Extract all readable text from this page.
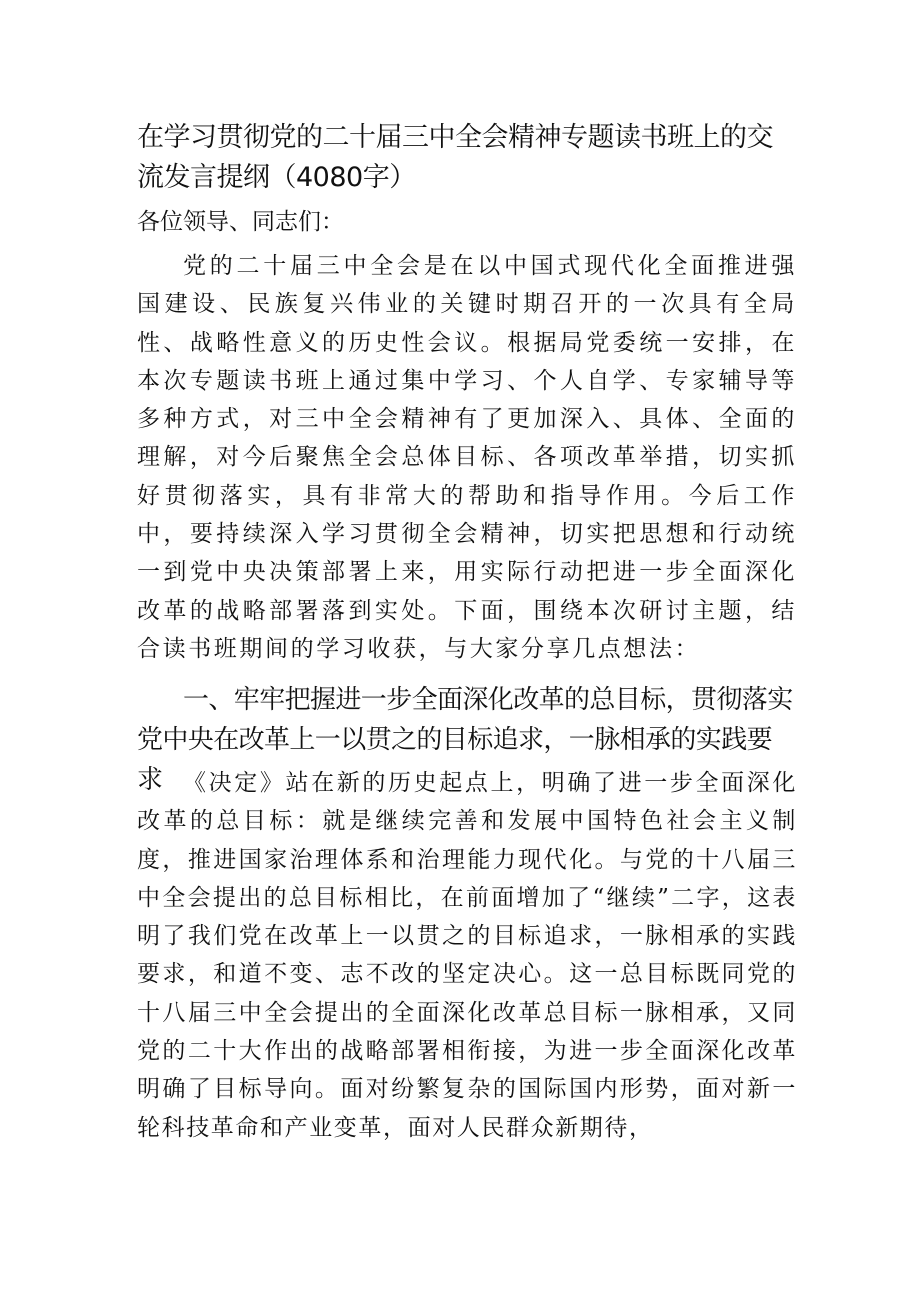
在学习贯彻党的二十届三中全会精神专题读书班上的交流发言提纲（4080字）

各位领导、同志们：

党的二十届三中全会是在以中国式现代化全面推进强国建设、民族复兴伟业的关键时期召开的一次具有全局性、战略性意义的历史性会议。根据局党委统一安排，在本次专题读书班上通过集中学习、个人自学、专家辅导等多种方式，对三中全会精神有了更加深入、具体、全面的理解，对今后聚焦全会总体目标、各项改革举措，切实抓好贯彻落实，具有非常大的帮助和指导作用。今后工作中，要持续深入学习贯彻全会精神，切实把思想和行动统一到党中央决策部署上来，用实际行动把进一步全面深化改革的战略部署落到实处。下面，围绕本次研讨主题，结合读书班期间的学习收获，与大家分享几点想法：

一、牢牢把握进一步全面深化改革的总目标，贯彻落实党中央在改革上一以贯之的目标追求，一脉相承的实践要求 《决定》站在新的历史起点上，明确了进一步全面深化改革的总目标：就是继续完善和发展中国特色社会主义制度，推进国家治理体系和治理能力现代化。与党的十八届三中全会提出的总目标相比，在前面增加了“继续”二字，这表明了我们党在改革上一以贯之的目标追求，一脉相承的实践要求，和道不变、志不改的坚定决心。这一总目标既同党的十八届三中全会提出的全面深化改革总目标一脉相承，又同党的二十大作出的战略部署相衔接，为进一步全面深化改革明确了目标导向。面对纷繁复杂的国际国内形势，面对新一轮科技革命和产业变革，面对人民群众新期待，
